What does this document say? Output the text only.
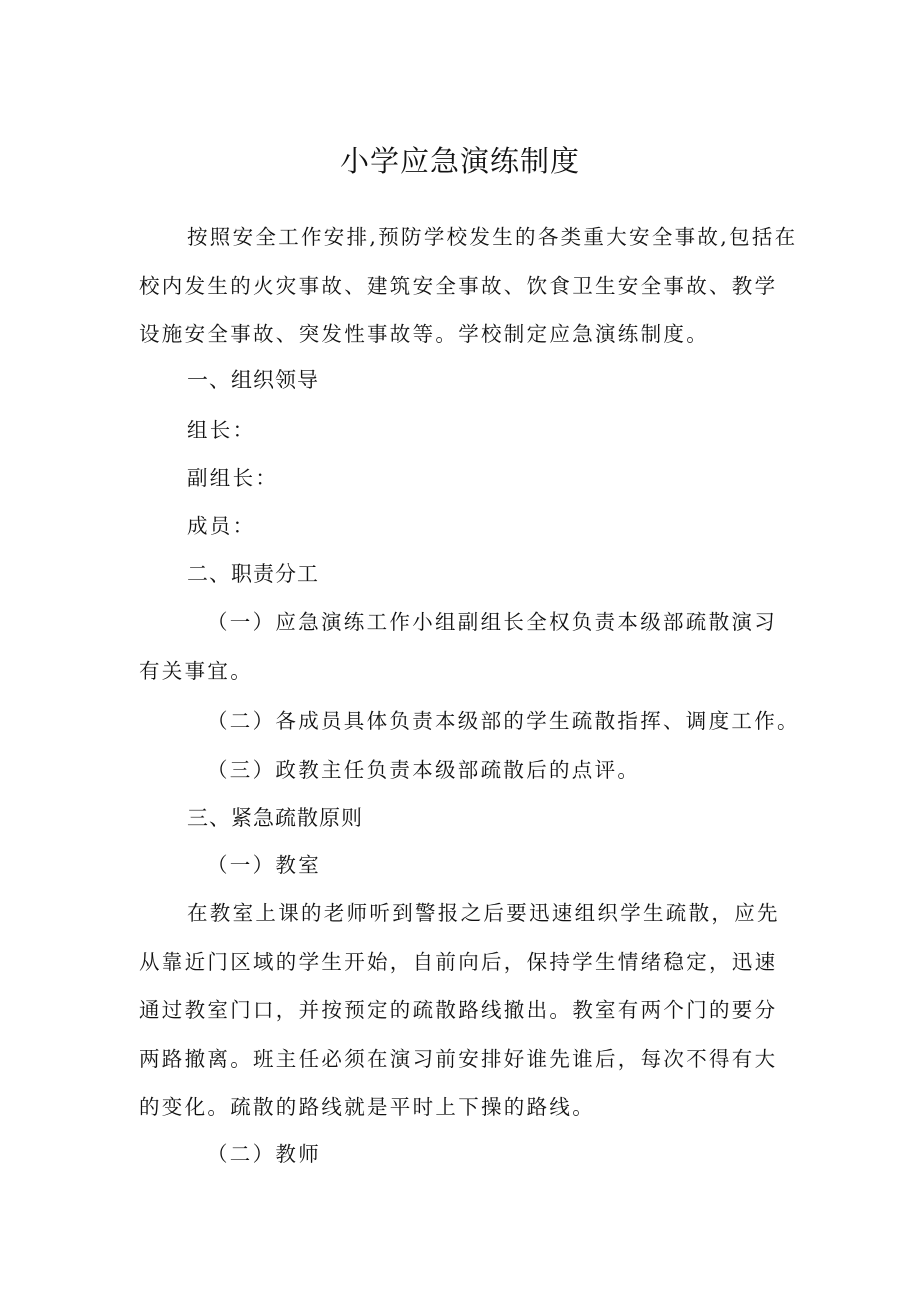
小学应急演练制度

按照安全工作安排,预防学校发生的各类重大安全事故,包括在校内发生的火灾事故、建筑安全事故、饮食卫生安全事故、教学设施安全事故、突发性事故等。学校制定应急演练制度。

一、组织领导

组长：

副组长：

成员：

二、职责分工

（一）应急演练工作小组副组长全权负责本级部疏散演习有关事宜。

（二）各成员具体负责本级部的学生疏散指挥、调度工作。

（三）政教主任负责本级部疏散后的点评。

三、紧急疏散原则

（一）教室

在教室上课的老师听到警报之后要迅速组织学生疏散，应先从靠近门区域的学生开始，自前向后，保持学生情绪稳定，迅速通过教室门口，并按预定的疏散路线撤出。教室有两个门的要分两路撤离。班主任必须在演习前安排好谁先谁后，每次不得有大的变化。疏散的路线就是平时上下操的路线。

（二）教师
